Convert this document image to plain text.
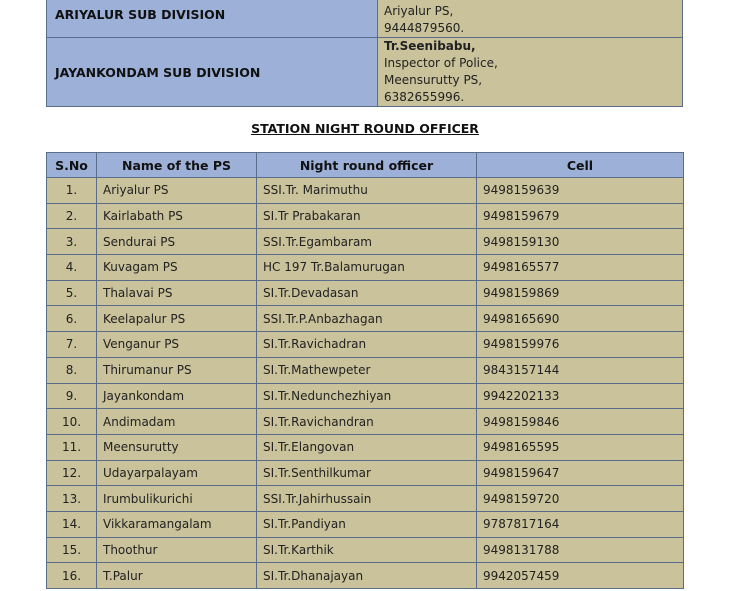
ARIYALUR SUB DIVISION	Ariyalur PS,
9444879560.

JAYANKONDAM SUB DIVISION	Tr.Seenibabu,
Inspector of Police,
Meensurutty PS,
6382655996.
STATION NIGHT ROUND OFFICER
S.No	Name of the PS	Night round officer	Cell
1.	Ariyalur PS	SSI.Tr. Marimuthu	9498159639
2.	Kairlabath PS	SI.Tr Prabakaran	9498159679
3.	Sendurai PS	SSI.Tr.Egambaram	9498159130
4.	Kuvagam PS	HC 197 Tr.Balamurugan	9498165577
5.	Thalavai PS	SI.Tr.Devadasan	9498159869
6.	Keelapalur PS	SSI.Tr.P.Anbazhagan	9498165690
7.	Venganur PS	SI.Tr.Ravichadran	9498159976
8.	Thirumanur PS	SI.Tr.Mathewpeter	9843157144
9.	Jayankondam	SI.Tr.Nedunchezhiyan	9942202133
10.	Andimadam	SI.Tr.Ravichandran	9498159846
11.	Meensurutty	SI.Tr.Elangovan	9498165595
12.	Udayarpalayam	SI.Tr.Senthilkumar	9498159647
13.	Irumbulikurichi	SSI.Tr.Jahirhussain	9498159720
14.	Vikkaramangalam	SI.Tr.Pandiyan	9787817164
15.	Thoothur	SI.Tr.Karthik	9498131788
16.	T.Palur	SI.Tr.Dhanajayan	9942057459
